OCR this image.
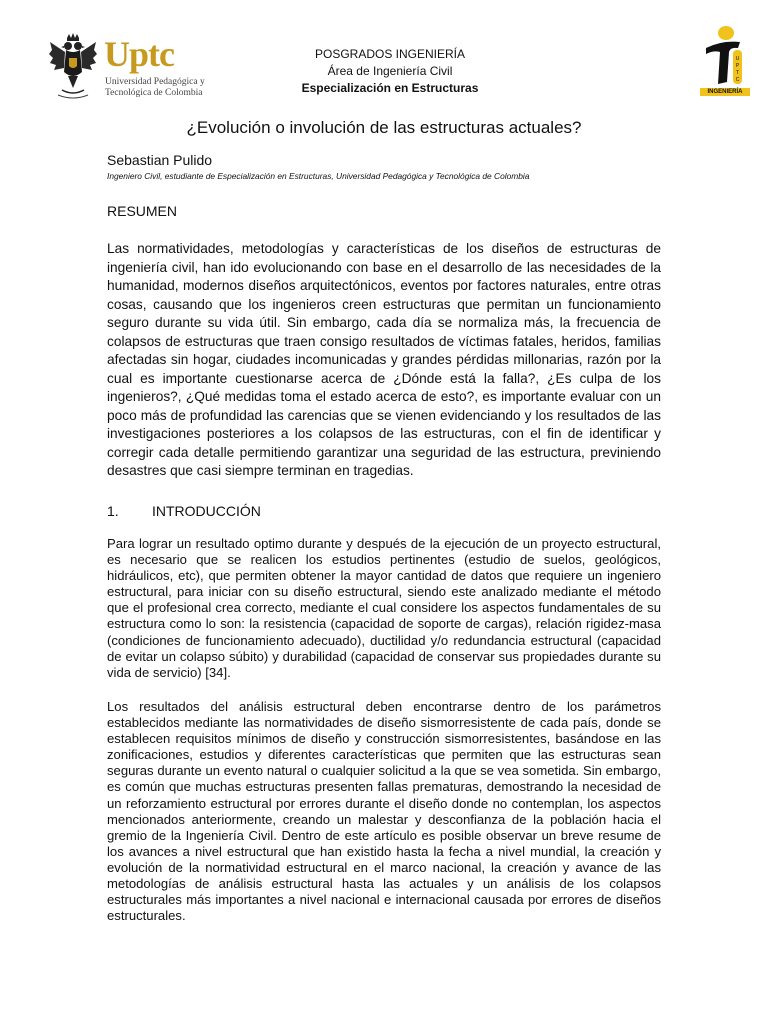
Uptc
Universidad Pedagógica y
Tecnológica de Colombia
POSGRADOS INGENIERÍA
Área de Ingeniería Civil
Especialización en Estructuras
U
P
T
C
INGENIERÍA
¿Evolución o involución de las estructuras actuales?
Sebastian Pulido
Ingeniero Civil, estudiante de Especialización en Estructuras, Universidad Pedagógica y Tecnológica de Colombia
RESUMEN

Las normatividades, metodologías y características de los diseños de estructuras de ingeniería civil, han ido evolucionando con base en el desarrollo de las necesidades de la humanidad, modernos diseños arquitectónicos, eventos por factores naturales, entre otras cosas, causando que los ingenieros creen estructuras que permitan un funcionamiento seguro durante su vida útil. Sin embargo, cada día se normaliza más, la frecuencia de colapsos de estructuras que traen consigo resultados de víctimas fatales, heridos, familias afectadas sin hogar, ciudades incomunicadas y grandes pérdidas millonarias, razón por la cual es importante cuestionarse acerca de ¿Dónde está la falla?, ¿Es culpa de los ingenieros?, ¿Qué medidas toma el estado acerca de esto?, es importante evaluar con un poco más de profundidad las carencias que se vienen evidenciando y los resultados de las investigaciones posteriores a los colapsos de las estructuras, con el fin de identificar y corregir cada detalle permitiendo garantizar una seguridad de las estructura, previniendo desastres que casi siempre terminan en tragedias.

1. INTRODUCCIÓN

Para lograr un resultado optimo durante y después de la ejecución de un proyecto estructural, es necesario que se realicen los estudios pertinentes (estudio de suelos, geológicos, hidráulicos, etc), que permiten obtener la mayor cantidad de datos que requiere un ingeniero estructural, para iniciar con su diseño estructural, siendo este analizado mediante el método que el profesional crea correcto, mediante el cual considere los aspectos fundamentales de su estructura como lo son: la resistencia (capacidad de soporte de cargas), relación rigidez-masa (condiciones de funcionamiento adecuado), ductilidad y/o redundancia estructural (capacidad de evitar un colapso súbito) y durabilidad (capacidad de conservar sus propiedades durante su vida de servicio) [34].

Los resultados del análisis estructural deben encontrarse dentro de los parámetros establecidos mediante las normatividades de diseño sismorresistente de cada país, donde se establecen requisitos mínimos de diseño y construcción sismorresistentes, basándose en las zonificaciones, estudios y diferentes características que permiten que las estructuras sean seguras durante un evento natural o cualquier solicitud a la que se vea sometida. Sin embargo, es común que muchas estructuras presenten fallas prematuras, demostrando la necesidad de un reforzamiento estructural por errores durante el diseño donde no contemplan, los aspectos mencionados anteriormente, creando un malestar y desconfianza de la población hacia el gremio de la Ingeniería Civil. Dentro de este artículo es posible observar un breve resume de los avances a nivel estructural que han existido hasta la fecha a nivel mundial, la creación y evolución de la normatividad estructural en el marco nacional, la creación y avance de las metodologías de análisis estructural hasta las actuales y un análisis de los colapsos estructurales más importantes a nivel nacional e internacional causada por errores de diseños estructurales.
